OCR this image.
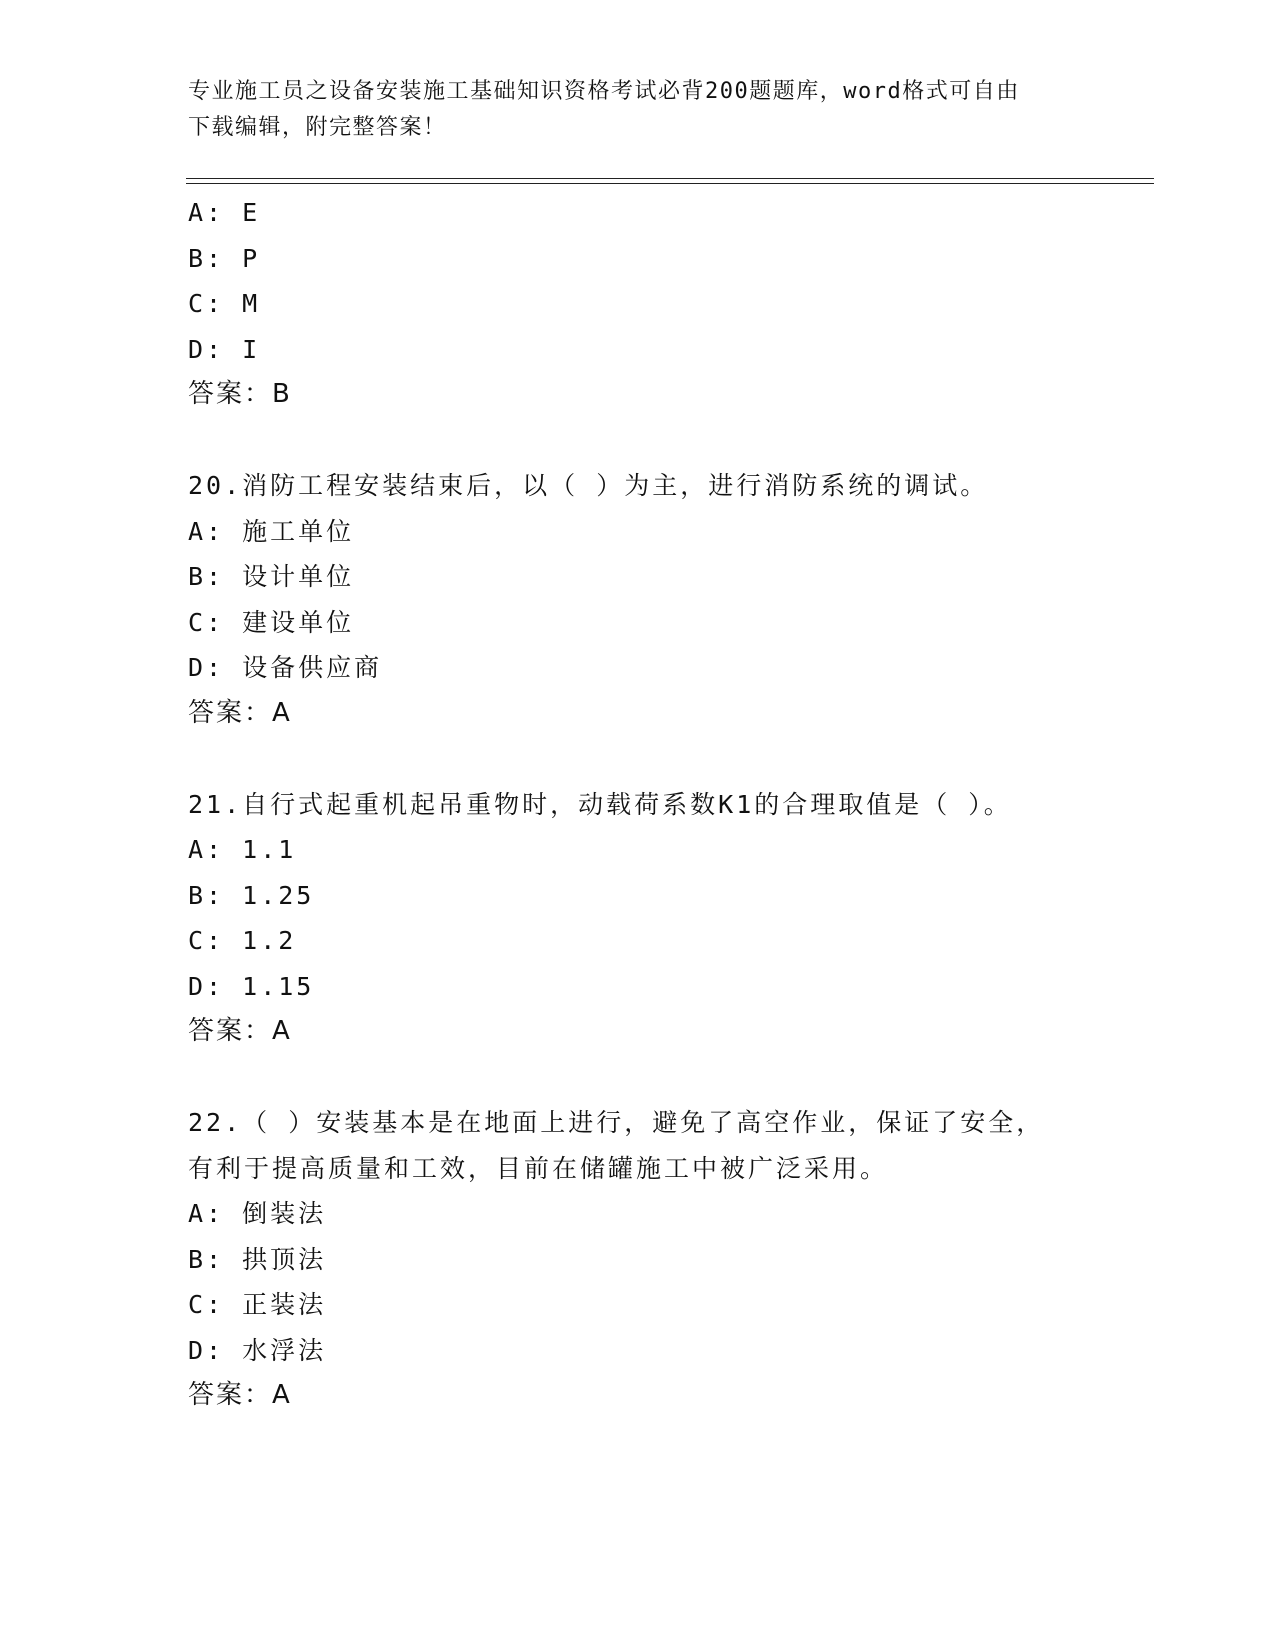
专业施工员之设备安装施工基础知识资格考试必背200题题库，word格式可自由
下载编辑，附完整答案！
A: E
B: P
C: M
D: I
答案：B
20.消防工程安装结束后，以（ ）为主，进行消防系统的调试。
A: 施工单位
B: 设计单位
C: 建设单位
D: 设备供应商
答案：A
21.自行式起重机起吊重物时，动载荷系数K1的合理取值是（ ）。
A: 1.1
B: 1.25
C: 1.2
D: 1.15
答案：A
22.（ ）安装基本是在地面上进行，避免了高空作业，保证了安全，
有利于提高质量和工效，目前在储罐施工中被广泛采用。
A: 倒装法
B: 拱顶法
C: 正装法
D: 水浮法
答案：A
